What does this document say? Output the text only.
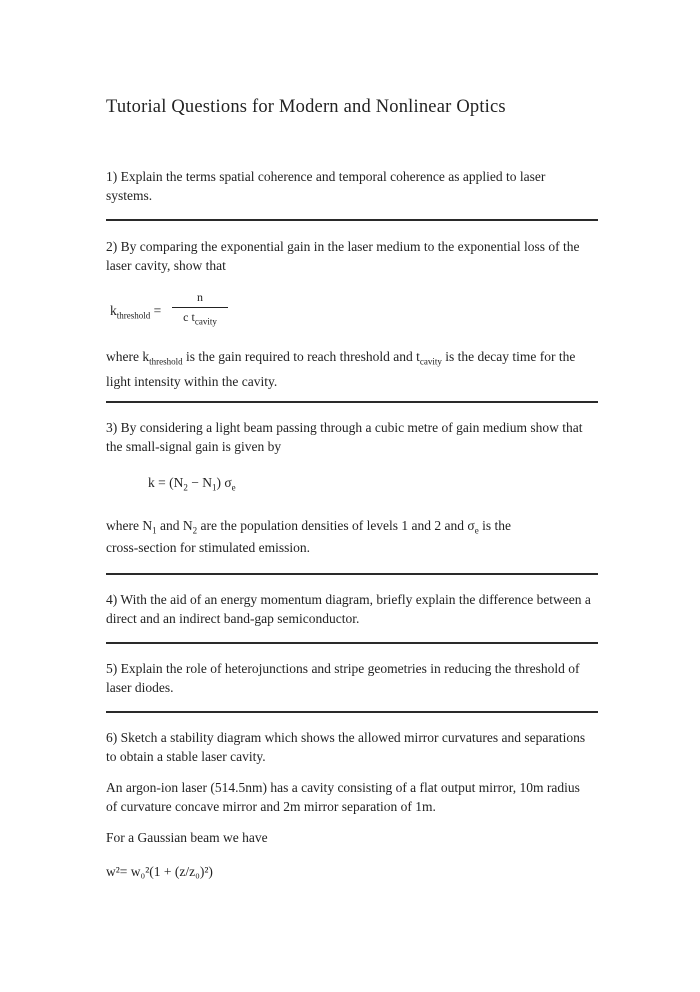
Tutorial Questions for Modern and Nonlinear Optics
1) Explain the terms spatial coherence and temporal coherence as applied to laser systems.
2) By comparing the exponential gain in the laser medium to the exponential loss of the laser cavity, show that
$k_{threshold}$ =
n
c $t_{cavity}$
where $k_{threshold}$ is the gain required to reach threshold and $t_{cavity}$ is the decay time for the light intensity within the cavity.
3) By considering a light beam passing through a cubic metre of gain medium show that the small-signal gain is given by
$k = (N_2 - N_1)$ $\sigma_e$
where $N_1$ and $N_2$ are the population densities of levels 1 and 2 and $\sigma_e$ is the
cross-section for stimulated emission.
4) With the aid of an energy momentum diagram, briefly explain the difference between a direct and an indirect band-gap semiconductor.
5) Explain the role of heterojunctions and stripe geometries in reducing the threshold of laser diodes.
6) Sketch a stability diagram which shows the allowed mirror curvatures and separations to obtain a stable laser cavity.
An argon-ion laser (514.5nm) has a cavity consisting of a flat output mirror, 10m radius of curvature concave mirror and 2m mirror separation of 1m.
For a Gaussian beam we have
w²= w₀²(1 + (z/z₀)²)
